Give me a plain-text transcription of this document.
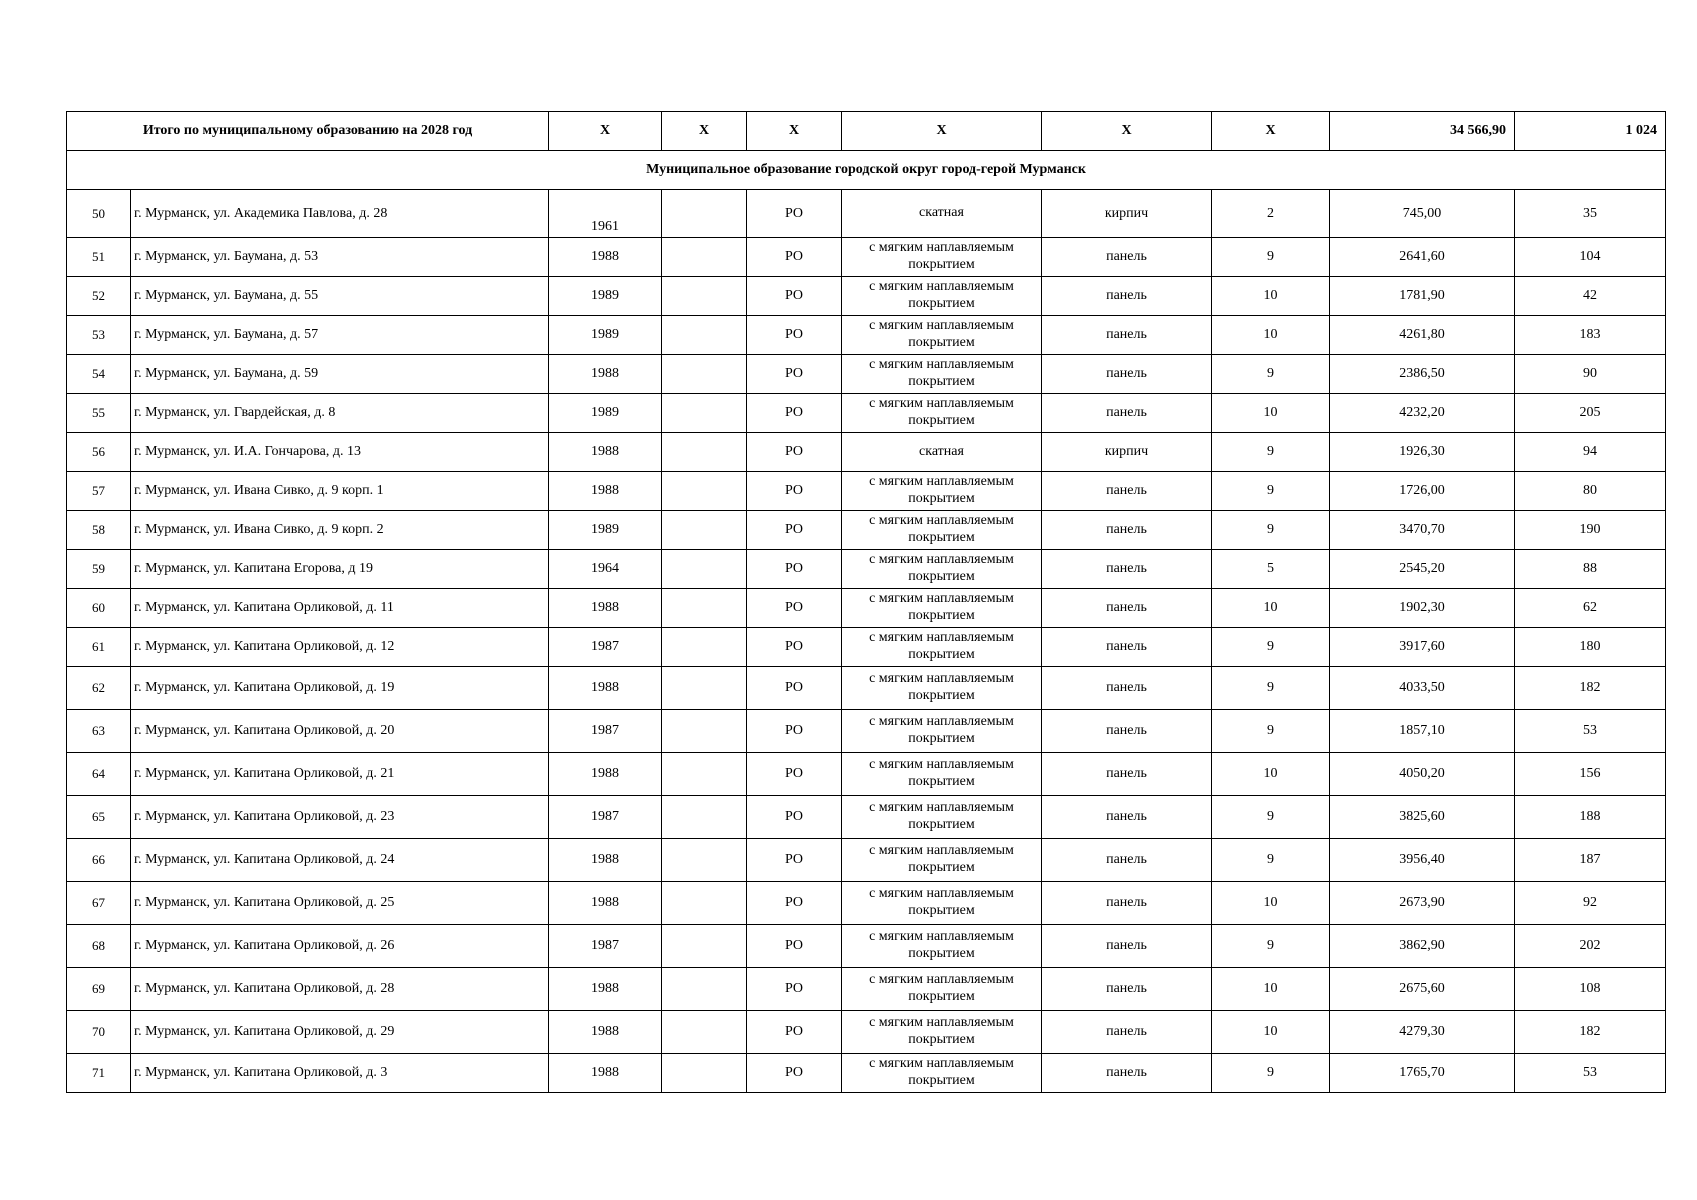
Итого по муниципальному образованию на 2028 год		X	X	X	X	X	X	34 566,90	1 024
Муниципальное образование городской округ город-герой Мурманск									
50	г. Мурманск, ул. Академика Павлова, д. 28	1961		РО	скатная	кирпич	2	745,00	35
51	г. Мурманск, ул. Баумана, д. 53	1988		РО	с мягким наплавляемым покрытием	панель	9	2641,60	104
52	г. Мурманск, ул. Баумана, д. 55	1989		РО	с мягким наплавляемым покрытием	панель	10	1781,90	42
53	г. Мурманск, ул. Баумана, д. 57	1989		РО	с мягким наплавляемым покрытием	панель	10	4261,80	183
54	г. Мурманск, ул. Баумана, д. 59	1988		РО	с мягким наплавляемым покрытием	панель	9	2386,50	90
55	г. Мурманск, ул. Гвардейская, д. 8	1989		РО	с мягким наплавляемым покрытием	панель	10	4232,20	205
56	г. Мурманск, ул. И.А. Гончарова, д. 13	1988		РО	скатная	кирпич	9	1926,30	94
57	г. Мурманск, ул. Ивана Сивко, д. 9 корп. 1	1988		РО	с мягким наплавляемым покрытием	панель	9	1726,00	80
58	г. Мурманск, ул. Ивана Сивко, д. 9 корп. 2	1989		РО	с мягким наплавляемым покрытием	панель	9	3470,70	190
59	г. Мурманск, ул. Капитана Егорова, д 19	1964		РО	с мягким наплавляемым покрытием	панель	5	2545,20	88
60	г. Мурманск, ул. Капитана Орликовой, д. 11	1988		РО	с мягким наплавляемым покрытием	панель	10	1902,30	62
61	г. Мурманск, ул. Капитана Орликовой, д. 12	1987		РО	с мягким наплавляемым покрытием	панель	9	3917,60	180
62	г. Мурманск, ул. Капитана Орликовой, д. 19	1988		РО	с мягким наплавляемым покрытием	панель	9	4033,50	182
63	г. Мурманск, ул. Капитана Орликовой, д. 20	1987		РО	с мягким наплавляемым покрытием	панель	9	1857,10	53
64	г. Мурманск, ул. Капитана Орликовой, д. 21	1988		РО	с мягким наплавляемым покрытием	панель	10	4050,20	156
65	г. Мурманск, ул. Капитана Орликовой, д. 23	1987		РО	с мягким наплавляемым покрытием	панель	9	3825,60	188
66	г. Мурманск, ул. Капитана Орликовой, д. 24	1988		РО	с мягким наплавляемым покрытием	панель	9	3956,40	187
67	г. Мурманск, ул. Капитана Орликовой, д. 25	1988		РО	с мягким наплавляемым покрытием	панель	10	2673,90	92
68	г. Мурманск, ул. Капитана Орликовой, д. 26	1987		РО	с мягким наплавляемым покрытием	панель	9	3862,90	202
69	г. Мурманск, ул. Капитана Орликовой, д. 28	1988		РО	с мягким наплавляемым покрытием	панель	10	2675,60	108
70	г. Мурманск, ул. Капитана Орликовой, д. 29	1988		РО	с мягким наплавляемым покрытием	панель	10	4279,30	182
71	г. Мурманск, ул. Капитана Орликовой, д. 3	1988		РО	с мягким наплавляемым покрытием	панель	9	1765,70	53
